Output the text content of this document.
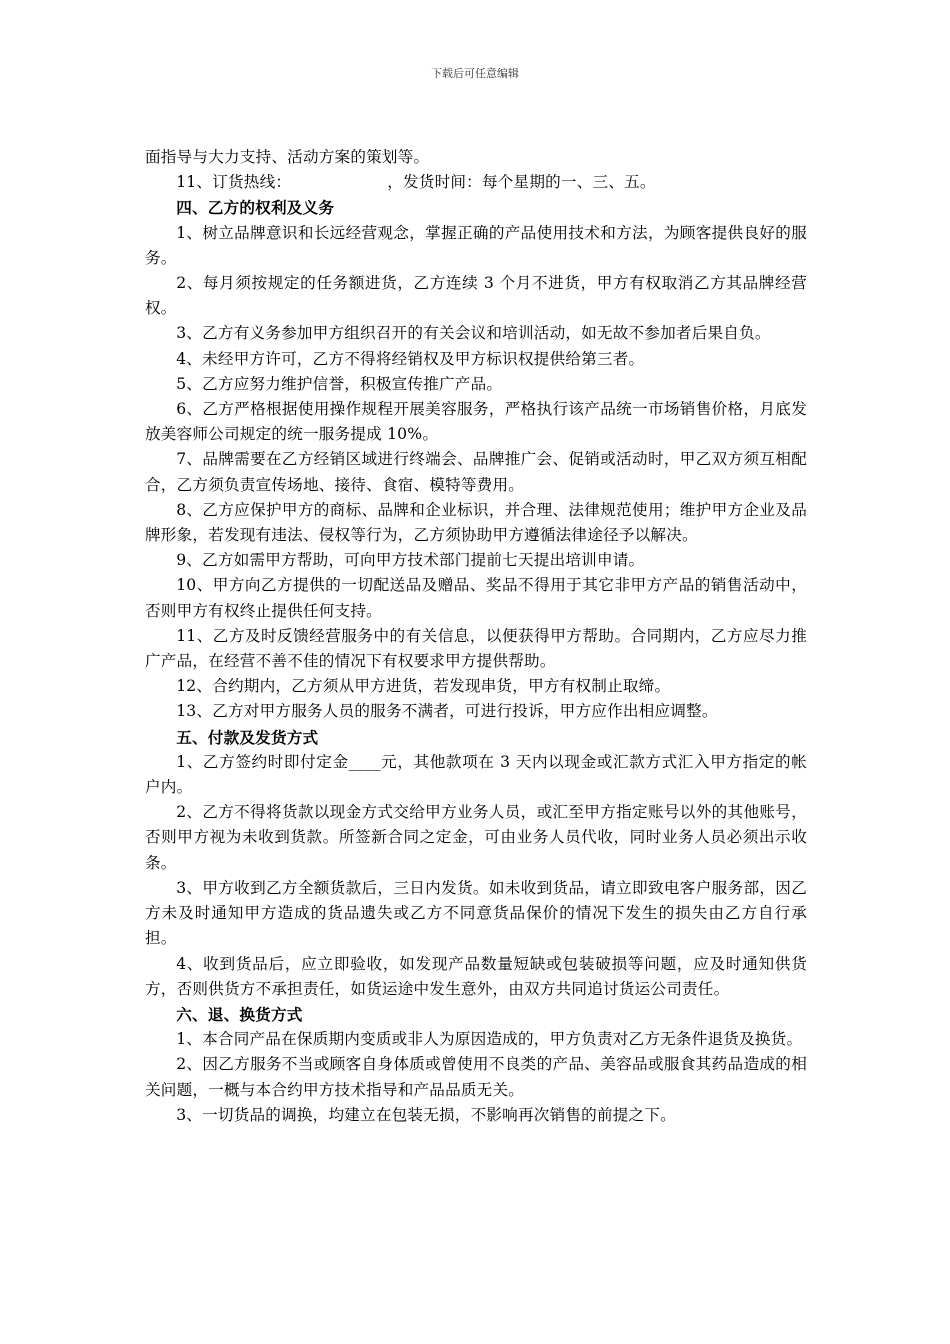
下载后可任意编辑

面指导与大力支持、活动方案的策划等。

11、订货热线：	，发货时间：每个星期的一、三、五。

四、乙方的权利及义务

1、树立品牌意识和长远经营观念，掌握正确的产品使用技术和方法，为顾客提供良好的服务。

2、每月须按规定的任务额进货，乙方连续 3 个月不进货，甲方有权取消乙方其品牌经营权。

3、乙方有义务参加甲方组织召开的有关会议和培训活动，如无故不参加者后果自负。

4、未经甲方许可，乙方不得将经销权及甲方标识权提供给第三者。

5、乙方应努力维护信誉，积极宣传推广产品。

6、乙方严格根据使用操作规程开展美容服务，严格执行该产品统一市场销售价格，月底发放美容师公司规定的统一服务提成 10%。

7、品牌需要在乙方经销区域进行终端会、品牌推广会、促销或活动时，甲乙双方须互相配合，乙方须负责宣传场地、接待、食宿、模特等费用。

8、乙方应保护甲方的商标、品牌和企业标识，并合理、法律规范使用；维护甲方企业及品牌形象，若发现有违法、侵权等行为，乙方须协助甲方遵循法律途径予以解决。

9、乙方如需甲方帮助，可向甲方技术部门提前七天提出培训申请。

10、甲方向乙方提供的一切配送品及赠品、奖品不得用于其它非甲方产品的销售活动中，否则甲方有权终止提供任何支持。

11、乙方及时反馈经营服务中的有关信息，以便获得甲方帮助。合同期内，乙方应尽力推广产品，在经营不善不佳的情况下有权要求甲方提供帮助。

12、合约期内，乙方须从甲方进货，若发现串货，甲方有权制止取缔。

13、乙方对甲方服务人员的服务不满者，可进行投诉，甲方应作出相应调整。

五、付款及发货方式

1、乙方签约时即付定金____元，其他款项在 3 天内以现金或汇款方式汇入甲方指定的帐户内。

2、乙方不得将货款以现金方式交给甲方业务人员，或汇至甲方指定账号以外的其他账号，否则甲方视为未收到货款。所签新合同之定金，可由业务人员代收，同时业务人员必须出示收条。

3、甲方收到乙方全额货款后，三日内发货。如未收到货品，请立即致电客户服务部，因乙方未及时通知甲方造成的货品遗失或乙方不同意货品保价的情况下发生的损失由乙方自行承担。

4、收到货品后，应立即验收，如发现产品数量短缺或包装破损等问题，应及时通知供货方，否则供货方不承担责任，如货运途中发生意外，由双方共同追讨货运公司责任。

六、退、换货方式

1、本合同产品在保质期内变质或非人为原因造成的，甲方负责对乙方无条件退货及换货。

2、因乙方服务不当或顾客自身体质或曾使用不良类的产品、美容品或服食其药品造成的相关问题，一概与本合约甲方技术指导和产品品质无关。

3、一切货品的调换，均建立在包装无损，不影响再次销售的前提之下。
